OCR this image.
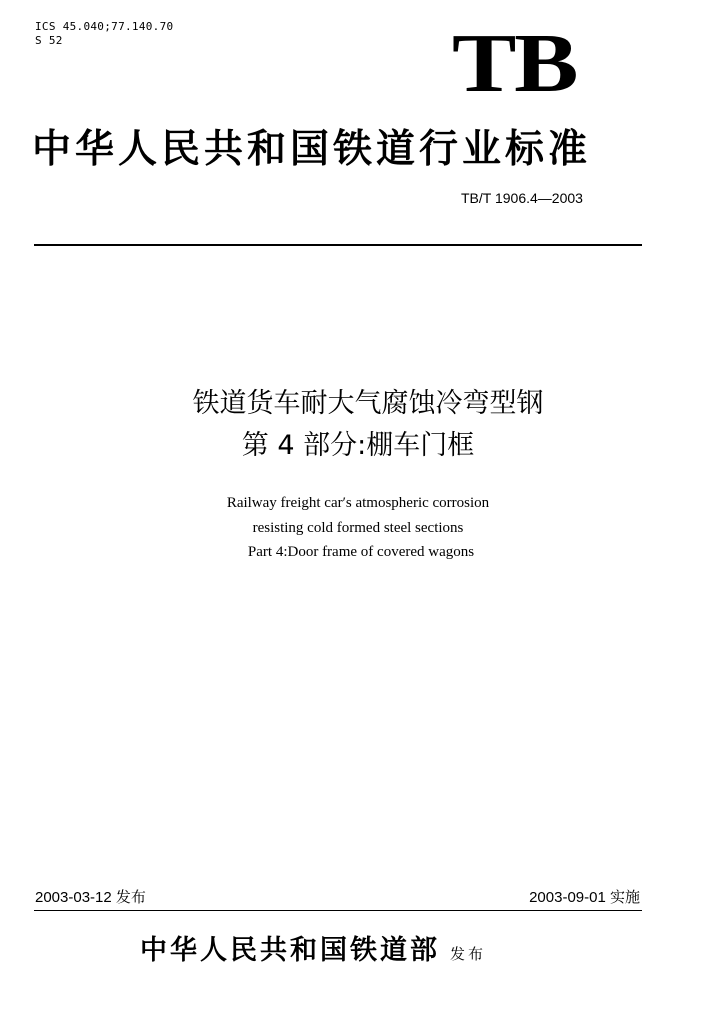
ICS 45.040;77.140.70
S 52	TB
中华人民共和国铁道行业标准
TB/T 1906.4—2003
铁道货车耐大气腐蚀冷弯型钢
第 4 部分:棚车门框
Railway freight car′s atmospheric corrosion
resisting cold formed steel sections
Part 4:Door frame of covered wagons
2003-03-12 发布	2003-09-01 实施
中华人民共和国铁道部 发布
